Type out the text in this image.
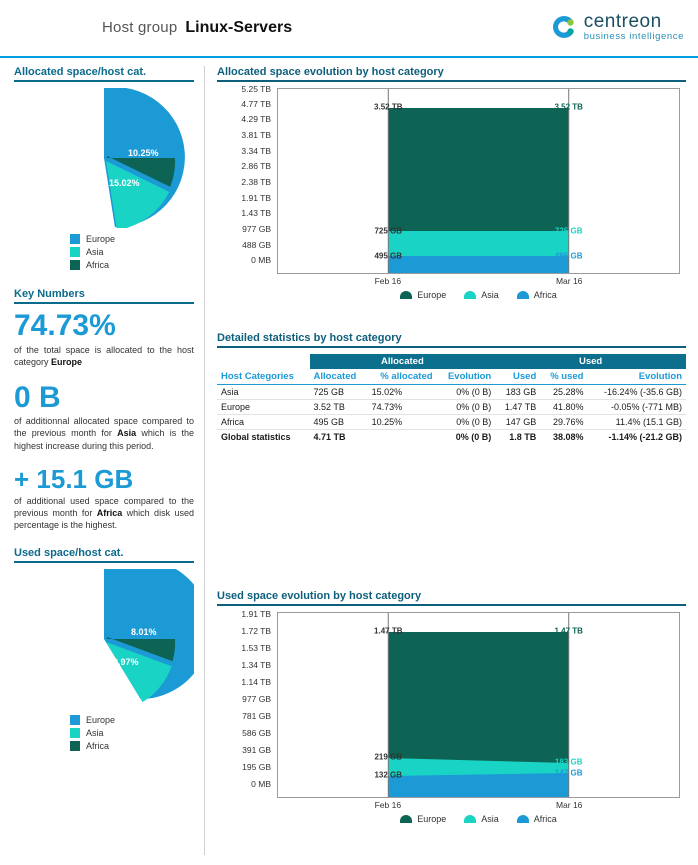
Host group Linux-Servers	centreon
business intelligence
Allocated space/host cat.
74.73%
15.02%
10.25%
Europe
Asia
Africa
Key Numbers
74.73%
of the total space is allocated to the host category Europe
0 B
of additionnal allocated space compared to the previous month for Asia which is the highest increase during this period.
+ 15.1 GB
of additional used space compared to the previous month for Africa which disk used percentage is the highest.
Used space/host cat.
82.02%
9.97%
8.01%
Europe
Asia
Africa
Allocated space evolution by host category
0 MB
488 GB
977 GB
1.43 TB
1.91 TB
2.38 TB
2.86 TB
3.34 TB
3.81 TB
4.29 TB
4.77 TB
5.25 TB
3.52 TB	3.52 TB
725 GB	725 GB
495 GB	495 GB
Feb 16	Mar 16
Europe	Asia	Africa
Detailed statistics by host category
	Allocated			Used		
Host Categories	Allocated	% allocated	Evolution	Used	% used	Evolution
Asia	725 GB	15.02%	0% (0 B)	183 GB	25.28%	-16.24% (-35.6 GB)
Europe	3.52 TB	74.73%	0% (0 B)	1.47 TB	41.80%	-0.05% (-771 MB)
Africa	495 GB	10.25%	0% (0 B)	147 GB	29.76%	11.4% (15.1 GB)
Global statistics	4.71 TB		0% (0 B)	1.8 TB	38.08%	-1.14% (-21.2 GB)
Used space evolution by host category
0 MB
195 GB
391 GB
586 GB
781 GB
977 GB
1.14 TB
1.34 TB
1.53 TB
1.72 TB
1.91 TB
1.47 TB	1.47 TB
219 GB
183 GB
132 GB	147 GB
Feb 16	Mar 16
Europe	Asia	Africa
